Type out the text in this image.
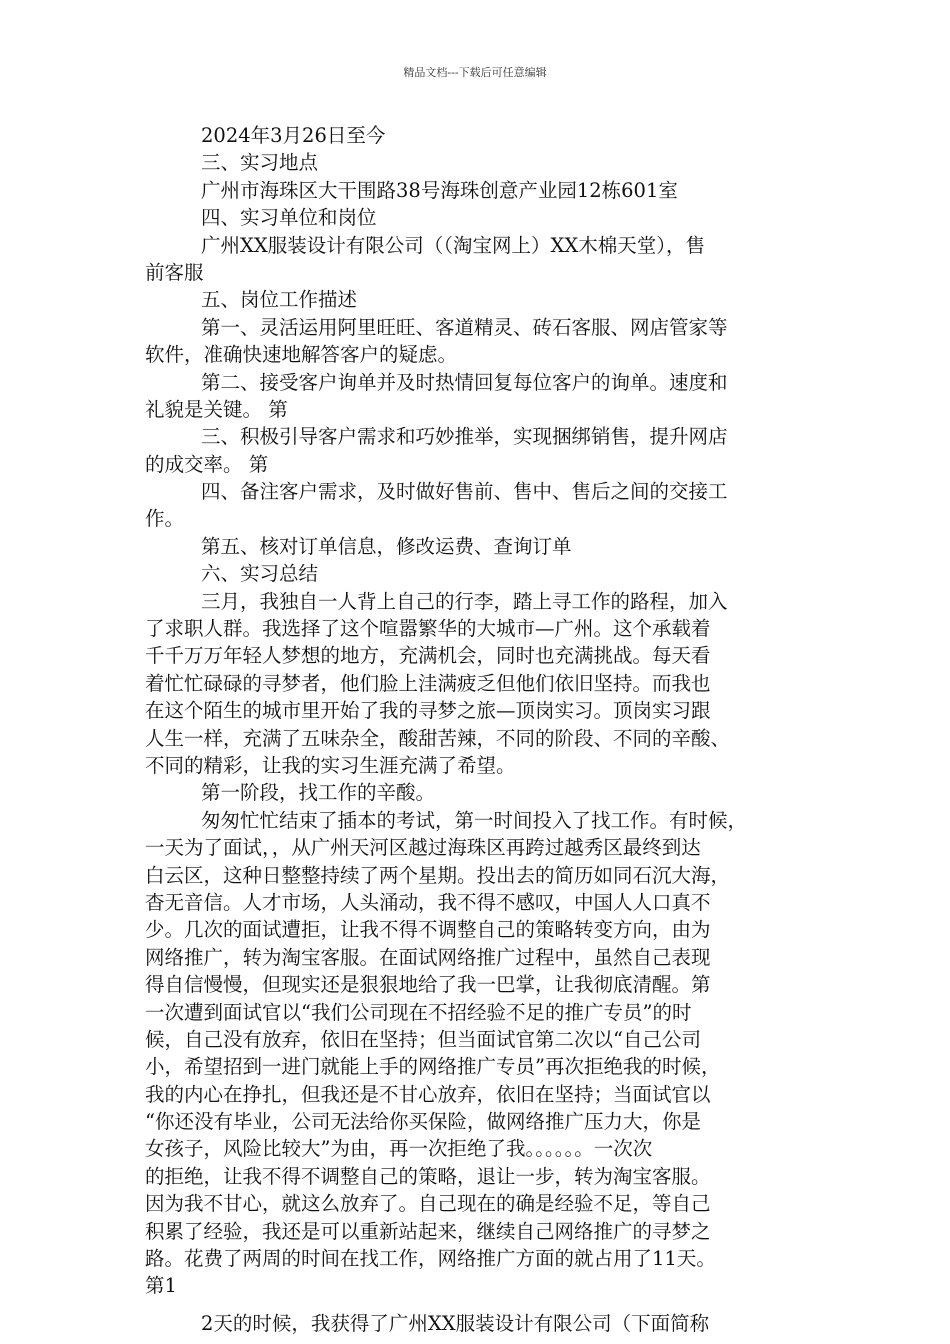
精品文档---下载后可任意编辑
2024年3月26日至今
三、实习地点
广州市海珠区大干围路38号海珠创意产业园12栋601室
四、实习单位和岗位
广州XX服装设计有限公司（（淘宝网上）XX木棉天堂），售
前客服
五、岗位工作描述
第一、灵活运用阿里旺旺、客道精灵、砖石客服、网店管家等
软件，准确快速地解答客户的疑虑。
第二、接受客户询单并及时热情回复每位客户的询单。速度和
礼貌是关键。 第
三、积极引导客户需求和巧妙推举，实现捆绑销售，提升网店
的成交率。 第
四、备注客户需求，及时做好售前、售中、售后之间的交接工
作。
第五、核对订单信息，修改运费、查询订单
六、实习总结
三月，我独自一人背上自己的行李，踏上寻工作的路程，加入
了求职人群。我选择了这个喧嚣繁华的大城市—广州。这个承载着
千千万万年轻人梦想的地方，充满机会，同时也充满挑战。每天看
着忙忙碌碌的寻梦者，他们脸上洼满疲乏但他们依旧坚持。而我也
在这个陌生的城市里开始了我的寻梦之旅—顶岗实习。顶岗实习跟
人生一样，充满了五味杂全，酸甜苦辣，不同的阶段、不同的辛酸、
不同的精彩，让我的实习生涯充满了希望。
第一阶段，找工作的辛酸。
匆匆忙忙结束了插本的考试，第一时间投入了找工作。有时候，
一天为了面试，，从广州天河区越过海珠区再跨过越秀区最终到达
白云区，这种日整整持续了两个星期。投出去的简历如同石沉大海，
杳无音信。人才市场，人头涌动，我不得不感叹，中国人人口真不
少。几次的面试遭拒，让我不得不调整自己的策略转变方向，由为
网络推广，转为淘宝客服。在面试网络推广过程中，虽然自己表现
得自信慢慢，但现实还是狠狠地给了我一巴掌，让我彻底清醒。第
一次遭到面试官以“我们公司现在不招经验不足的推广专员”的时
候，自己没有放弃，依旧在坚持；但当面试官第二次以“自己公司
小，希望招到一进门就能上手的网络推广专员”再次拒绝我的时候，
我的内心在挣扎，但我还是不甘心放弃，依旧在坚持；当面试官以
“你还没有毕业，公司无法给你买保险，做网络推广压力大，你是
女孩子，风险比较大”为由，再一次拒绝了我。。。。。。一次次
的拒绝，让我不得不调整自己的策略，退让一步，转为淘宝客服。
因为我不甘心，就这么放弃了。自己现在的确是经验不足，等自己
积累了经验，我还是可以重新站起来，继续自己网络推广的寻梦之
路。花费了两周的时间在找工作，网络推广方面的就占用了11天。
第1
2天的时候，我获得了广州XX服装设计有限公司（下面简称
